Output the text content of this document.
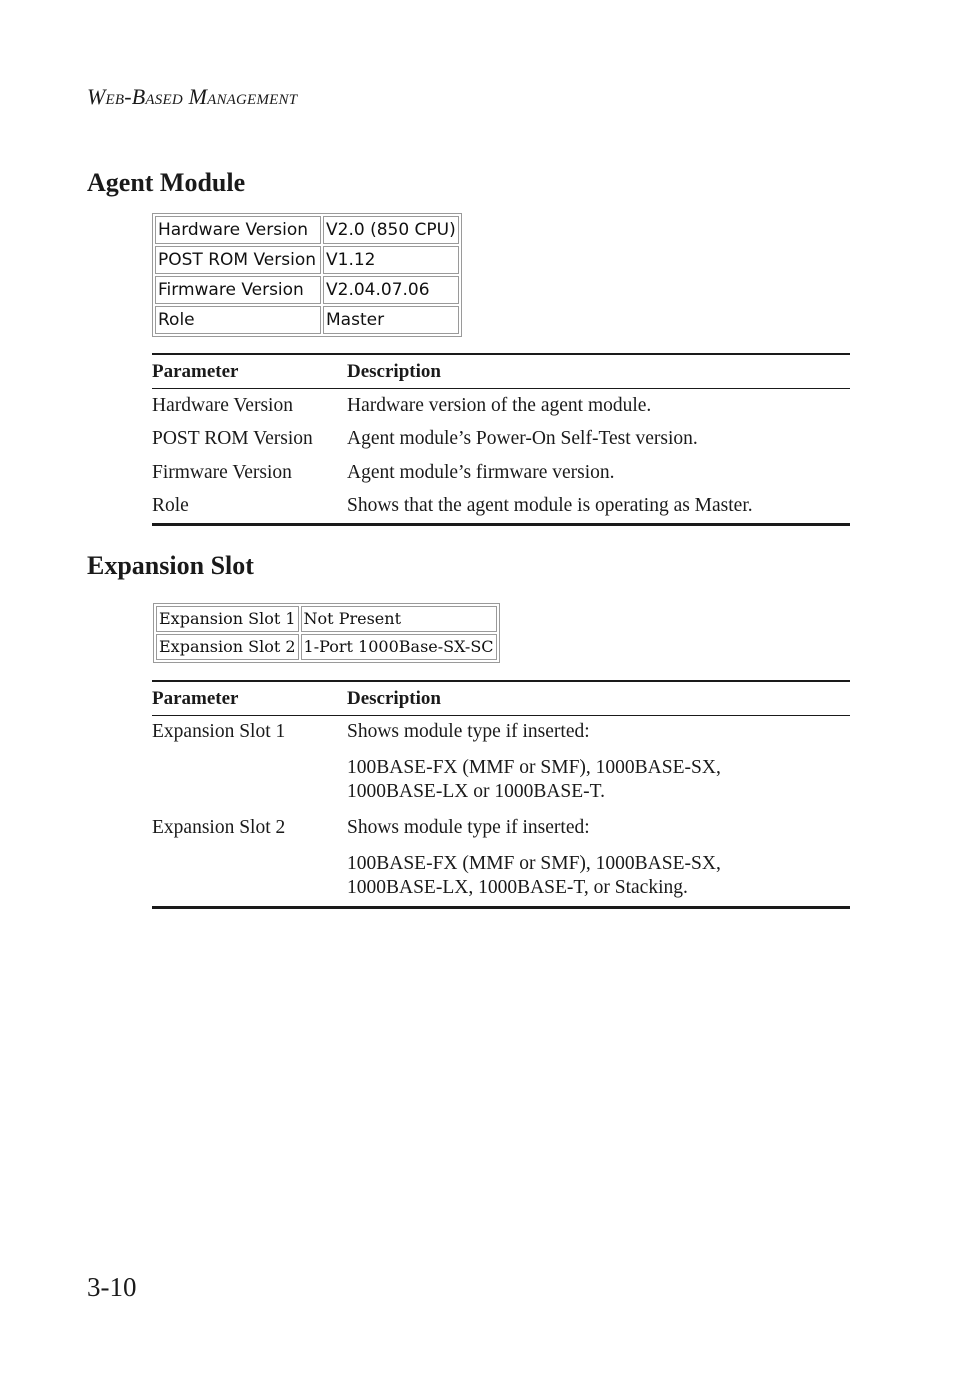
Web-Based Management
Agent Module
Hardware Version	V2.0 (850 CPU)
POST ROM Version	V1.12
Firmware Version	V2.04.07.06
Role	Master
Parameter	Description
Hardware Version	Hardware version of the agent module.
POST ROM Version	Agent module’s Power-On Self-Test version.
Firmware Version	Agent module’s firmware version.
Role	Shows that the agent module is operating as Master.
Expansion Slot
Expansion Slot 1	Not Present
Expansion Slot 2	1-Port 1000Base-SX-SC
Parameter	Description
Expansion Slot 1	Shows module type if inserted:

100BASE-FX (MMF or SMF), 1000BASE-SX,

1000BASE-LX or 1000BASE-T.

Expansion Slot 2	Shows module type if inserted:

100BASE-FX (MMF or SMF), 1000BASE-SX,

1000BASE-LX, 1000BASE-T, or Stacking.

3-10
